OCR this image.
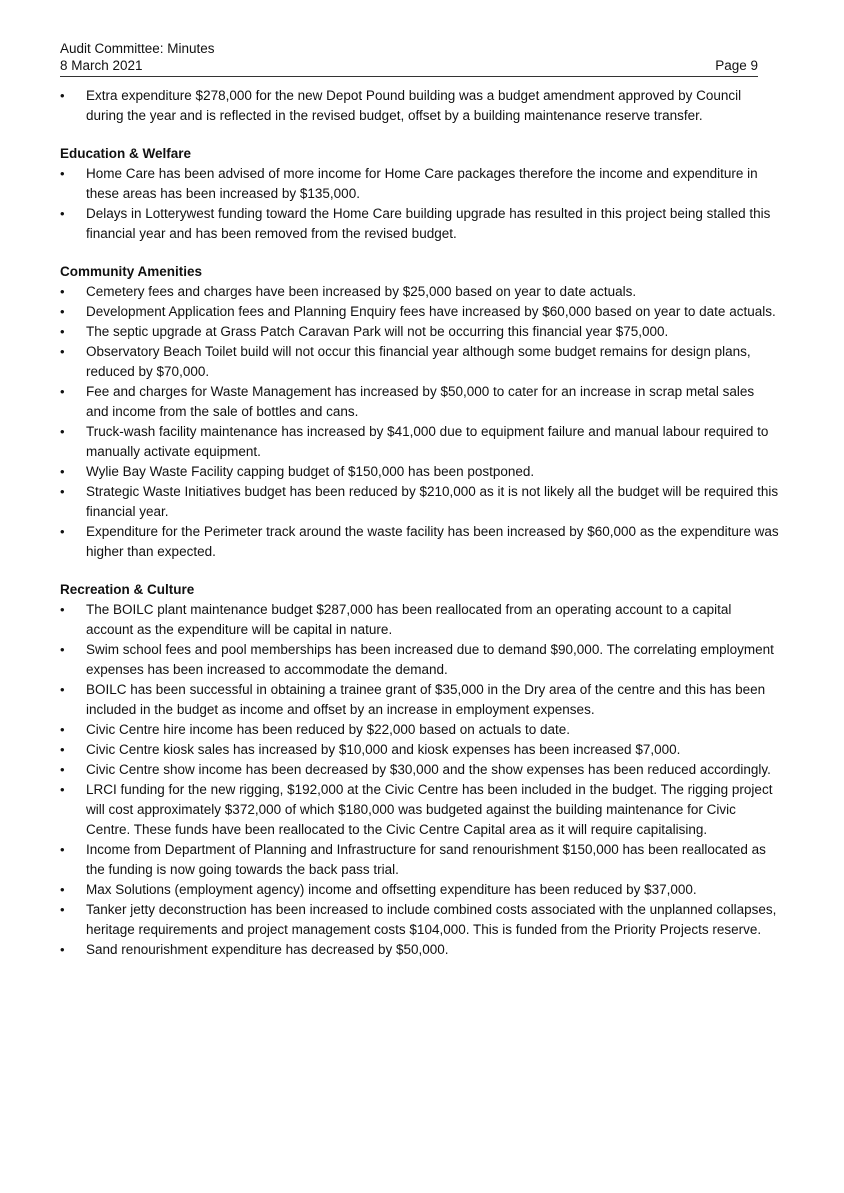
Audit Committee: Minutes
8 March 2021	Page 9
• Extra expenditure $278,000 for the new Depot Pound building was a budget amendment approved by Council during the year and is reflected in the revised budget, offset by a building maintenance reserve transfer.

Education & Welfare

• Home Care has been advised of more income for Home Care packages therefore the income and expenditure in these areas has been increased by $135,000.
• Delays in Lotterywest funding toward the Home Care building upgrade has resulted in this project being stalled this financial year and has been removed from the revised budget.

Community Amenities

• Cemetery fees and charges have been increased by $25,000 based on year to date actuals.
• Development Application fees and Planning Enquiry fees have increased by $60,000 based on year to date actuals.
• The septic upgrade at Grass Patch Caravan Park will not be occurring this financial year $75,000.
• Observatory Beach Toilet build will not occur this financial year although some budget remains for design plans, reduced by $70,000.
• Fee and charges for Waste Management has increased by $50,000 to cater for an increase in scrap metal sales and income from the sale of bottles and cans.
• Truck-wash facility maintenance has increased by $41,000 due to equipment failure and manual labour required to manually activate equipment.
• Wylie Bay Waste Facility capping budget of $150,000 has been postponed.
• Strategic Waste Initiatives budget has been reduced by $210,000 as it is not likely all the budget will be required this financial year.
• Expenditure for the Perimeter track around the waste facility has been increased by $60,000 as the expenditure was higher than expected.

Recreation & Culture

• The BOILC plant maintenance budget $287,000 has been reallocated from an operating account to a capital account as the expenditure will be capital in nature.
• Swim school fees and pool memberships has been increased due to demand $90,000. The correlating employment expenses has been increased to accommodate the demand.
• BOILC has been successful in obtaining a trainee grant of $35,000 in the Dry area of the centre and this has been included in the budget as income and offset by an increase in employment expenses.
• Civic Centre hire income has been reduced by $22,000 based on actuals to date.
• Civic Centre kiosk sales has increased by $10,000 and kiosk expenses has been increased $7,000.
• Civic Centre show income has been decreased by $30,000 and the show expenses has been reduced accordingly.
• LRCI funding for the new rigging, $192,000 at the Civic Centre has been included in the budget. The rigging project will cost approximately $372,000 of which $180,000 was budgeted against the building maintenance for Civic Centre. These funds have been reallocated to the Civic Centre Capital area as it will require capitalising.
• Income from Department of Planning and Infrastructure for sand renourishment $150,000 has been reallocated as the funding is now going towards the back pass trial.
• Max Solutions (employment agency) income and offsetting expenditure has been reduced by $37,000.
• Tanker jetty deconstruction has been increased to include combined costs associated with the unplanned collapses, heritage requirements and project management costs $104,000. This is funded from the Priority Projects reserve.
• Sand renourishment expenditure has decreased by $50,000.
